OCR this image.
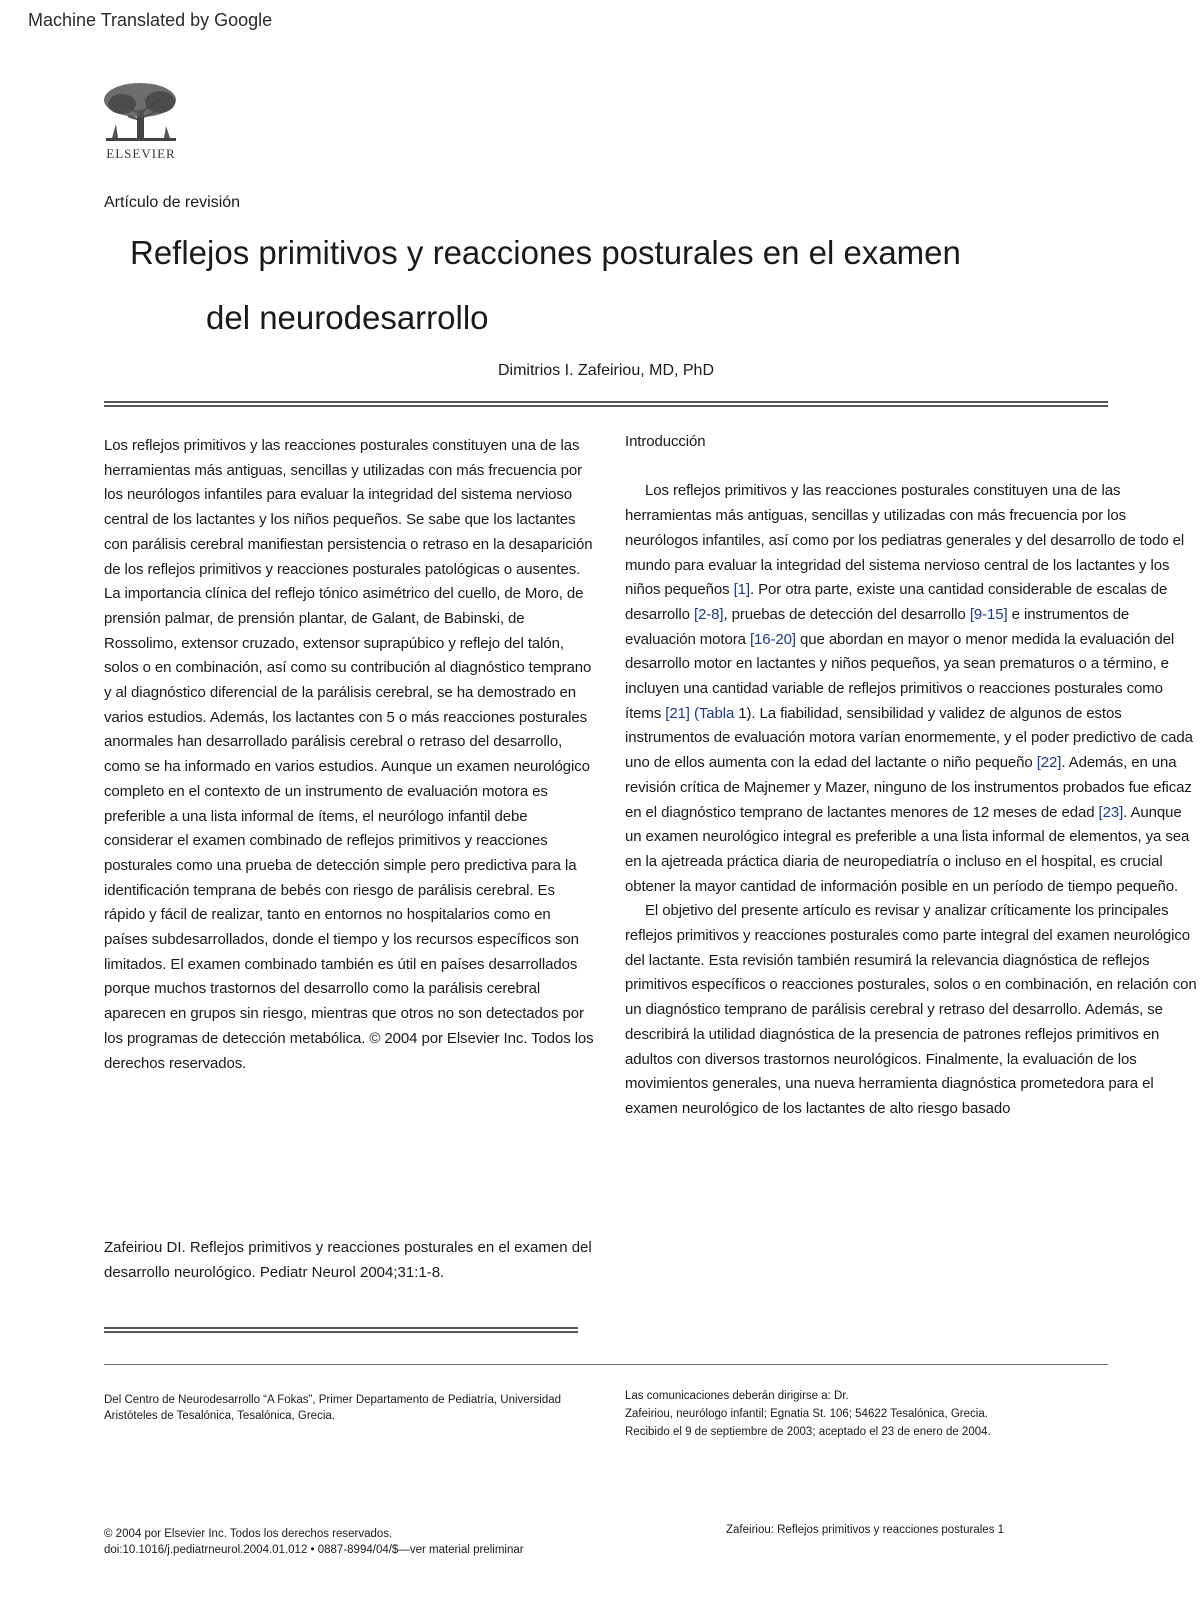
Machine Translated by Google
ELSEVIER
Artículo de revisión
Reflejos primitivos y reacciones posturales en el examen
del neurodesarrollo
Dimitrios I. Zafeiriou, MD, PhD

Los reflejos primitivos y las reacciones posturales constituyen una de las herramientas más antiguas, sencillas y utilizadas con más frecuencia por los neurólogos infantiles para evaluar la integridad del sistema nervioso central de los lactantes y los niños pequeños. Se sabe que los lactantes con parálisis cerebral manifiestan persistencia o retraso en la desaparición de los reflejos primitivos y reacciones posturales patológicas o ausentes. La importancia clínica del reflejo tónico asimétrico del cuello, de Moro, de prensión palmar, de prensión plantar, de Galant, de Babinski, de Rossolimo, extensor cruzado, extensor suprapúbico y reflejo del talón, solos o en combinación, así como su contribución al diagnóstico temprano y al diagnóstico diferencial de la parálisis cerebral, se ha demostrado en varios estudios. Además, los lactantes con 5 o más reacciones posturales anormales han desarrollado parálisis cerebral o retraso del desarrollo, como se ha informado en varios estudios. Aunque un examen neurológico completo en el contexto de un instrumento de evaluación motora es preferible a una lista informal de ítems, el neurólogo infantil debe considerar el examen combinado de reflejos primitivos y reacciones posturales como una prueba de detección simple pero predictiva para la identificación temprana de bebés con riesgo de parálisis cerebral. Es rápido y fácil de realizar, tanto en entornos no hospitalarios como en países subdesarrollados, donde el tiempo y los recursos específicos son limitados. El examen combinado también es útil en países desarrollados porque muchos trastornos del desarrollo como la parálisis cerebral aparecen en grupos sin riesgo, mientras que otros no son detectados por los programas de detección metabólica. © 2004 por Elsevier Inc. Todos los derechos reservados.

Zafeiriou DI. Reflejos primitivos y reacciones posturales en el examen del desarrollo neurológico. Pediatr Neurol 2004;31:1-8.

Introducción

Los reflejos primitivos y las reacciones posturales constituyen una de las herramientas más antiguas, sencillas y utilizadas con más frecuencia por los neurólogos infantiles, así como por los pediatras generales y del desarrollo de todo el mundo para evaluar la integridad del sistema nervioso central de los lactantes y los niños pequeños [1]. Por otra parte, existe una cantidad considerable de escalas de desarrollo [2-8], pruebas de detección del desarrollo [9-15] e instrumentos de evaluación motora [16-20] que abordan en mayor o menor medida la evaluación del desarrollo motor en lactantes y niños pequeños, ya sean prematuros o a término, e incluyen una cantidad variable de reflejos primitivos o reacciones posturales como ítems [21] (Tabla 1). La fiabilidad, sensibilidad y validez de algunos de estos instrumentos de evaluación motora varían enormemente, y el poder predictivo de cada uno de ellos aumenta con la edad del lactante o niño pequeño [22]. Además, en una revisión crítica de Majnemer y Mazer, ninguno de los instrumentos probados fue eficaz en el diagnóstico temprano de lactantes menores de 12 meses de edad [23]. Aunque un examen neurológico integral es preferible a una lista informal de elementos, ya sea en la ajetreada práctica diaria de neuropediatría o incluso en el hospital, es crucial obtener la mayor cantidad de información posible en un período de tiempo pequeño.

El objetivo del presente artículo es revisar y analizar críticamente los principales reflejos primitivos y reacciones posturales como parte integral del examen neurológico del lactante. Esta revisión también resumirá la relevancia diagnóstica de reflejos primitivos específicos o reacciones posturales, solos o en combinación, en relación con un diagnóstico temprano de parálisis cerebral y retraso del desarrollo. Además, se describirá la utilidad diagnóstica de la presencia de patrones reflejos primitivos en adultos con diversos trastornos neurológicos. Finalmente, la evaluación de los movimientos generales, una nueva herramienta diagnóstica prometedora para el examen neurológico de los lactantes de alto riesgo basado

Del Centro de Neurodesarrollo “A Fokas”, Primer Departamento de Pediatría, Universidad Aristóteles de Tesalónica, Tesalónica, Grecia.

Las comunicaciones deberán dirigirse a: Dr.

Zafeiriou, neurólogo infantil; Egnatia St. 106; 54622 Tesalónica, Grecia.

Recibido el 9 de septiembre de 2003; aceptado el 23 de enero de 2004.

© 2004 por Elsevier Inc. Todos los derechos reservados.
doi:10.1016/j.pediatrneurol.2004.01.012 • 0887-8994/04/$—ver material preliminar
Zafeiriou: Reflejos primitivos y reacciones posturales 1
